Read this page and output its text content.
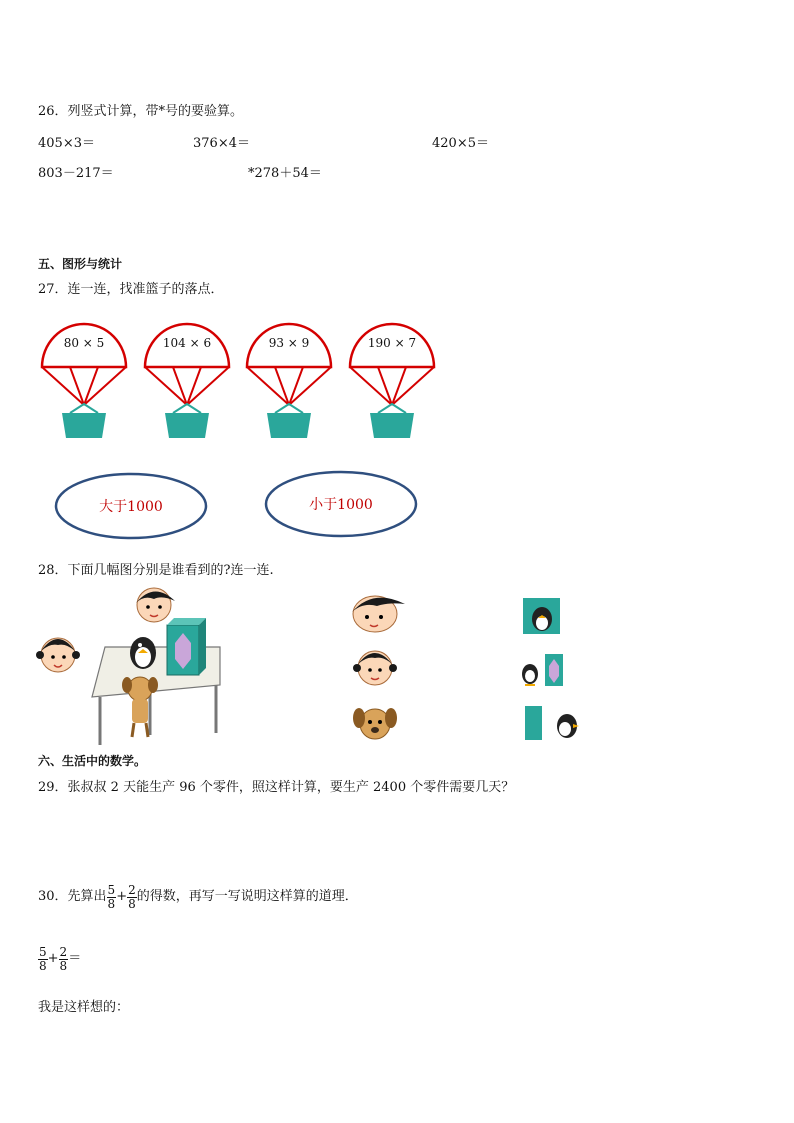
26．列竖式计算，带*号的要验算。
405×3＝	376×4＝	420×5＝
803－217＝	*278＋54＝
五、图形与统计
27．连一连，找准篮子的落点．
80 × 5	104 × 6	93 × 9	190 × 7
大于1000	小于1000
28．下面几幅图分别是谁看到的?连一连.
六、生活中的数学。
29．张叔叔 2 天能生产 96 个零件，照这样计算，要生产 2400 个零件需要几天？
30．先算出 $\frac{5}{8} + \frac{2}{8}$ 的得数，再写一写说明这样算的道理．
$\frac{5}{8} + \frac{2}{8}$ ＝
我是这样想的：
